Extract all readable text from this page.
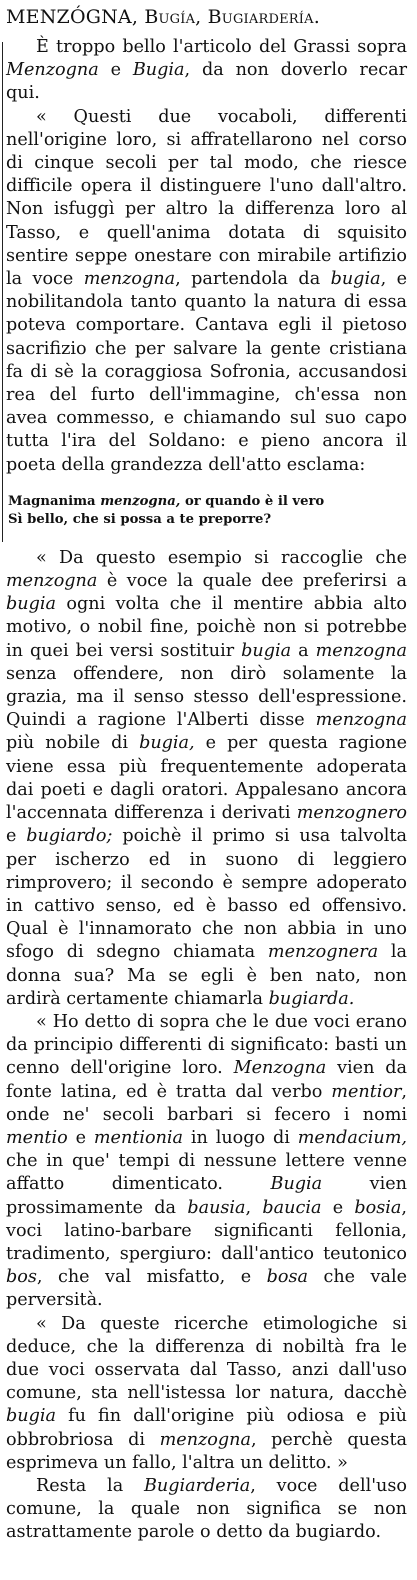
MENZÓGNA, Bugía, Bugiardería.

È troppo bello l'articolo del Grassi sopra Menzogna e Bugia, da non doverlo recar qui.

« Questi due vocaboli, differenti nell'origine loro, si affratellarono nel corso di cinque secoli per tal modo, che riesce difficile opera il distinguere l'uno dall'altro. Non isfuggì per altro la differenza loro al Tasso, e quell'anima dotata di squisito sentire seppe onestare con mirabile artifizio la voce menzogna, partendola da bugia, e nobilitandola tanto quanto la natura di essa poteva comportare. Cantava egli il pietoso sacrifizio che per salvare la gente cristiana fa di sè la coraggiosa Sofronia, accusandosi rea del furto dell'immagine, ch'essa non avea commesso, e chiamando sul suo capo tutta l'ira del Soldano: e pieno ancora il poeta della grandezza dell'atto esclama:

Magnanima menzogna, or quando è il vero
Sì bello, che si possa a te preporre?

« Da questo esempio si raccoglie che menzogna è voce la quale dee preferirsi a bugia ogni volta che il mentire abbia alto motivo, o nobil fine, poichè non si potrebbe in quei bei versi sostituir bugia a menzogna senza offendere, non dirò solamente la grazia, ma il senso stesso dell'espressione. Quindi a ragione l'Alberti disse menzogna più nobile di bugia, e per questa ragione viene essa più frequentemente adoperata dai poeti e dagli oratori. Appalesano ancora l'accennata differenza i derivati menzognero e bugiardo; poichè il primo si usa talvolta per ischerzo ed in suono di leggiero rimprovero; il secondo è sempre adoperato in cattivo senso, ed è basso ed offensivo. Qual è l'innamorato che non abbia in uno sfogo di sdegno chiamata menzognera la donna sua? Ma se egli è ben nato, non ardirà certamente chiamarla bugiarda.

« Ho detto di sopra che le due voci erano da principio differenti di significato: basti un cenno dell'origine loro. Menzogna vien da fonte latina, ed è tratta dal verbo mentior, onde ne' secoli barbari si fecero i nomi mentio e mentionia in luogo di mendacium, che in que' tempi di nessune lettere venne affatto dimenticato. Bugia vien prossimamente da bausia, baucia e bosia, voci latino-barbare significanti fellonia, tradimento, spergiuro: dall'antico teutonico bos, che val misfatto, e bosa che vale perversità.

« Da queste ricerche etimologiche si deduce, che la differenza di nobiltà fra le due voci osservata dal Tasso, anzi dall'uso comune, sta nell'istessa lor natura, dacchè bugia fu fin dall'origine più odiosa e più obbrobriosa di menzogna, perchè questa esprimeva un fallo, l'altra un delitto. »

Resta la Bugiarderia, voce dell'uso comune, la quale non significa se non astrattamente parole o detto da bugiardo.
